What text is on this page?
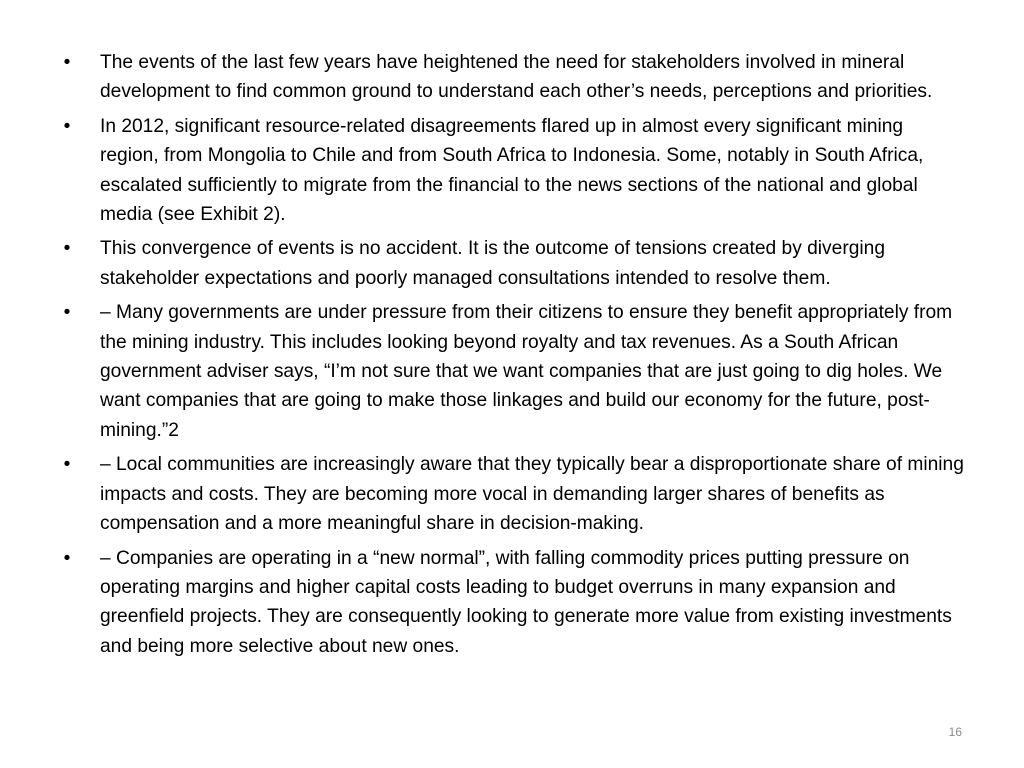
• The events of the last few years have heightened the need for stakeholders involved in mineral development to find common ground to understand each other’s needs, perceptions and priorities.
• In 2012, significant resource-related disagreements flared up in almost every significant mining region, from Mongolia to Chile and from South Africa to Indonesia. Some, notably in South Africa, escalated sufficiently to migrate from the financial to the news sections of the national and global media (see Exhibit 2).
• This convergence of events is no accident. It is the outcome of tensions created by diverging stakeholder expectations and poorly managed consultations intended to resolve them.
• – Many governments are under pressure from their citizens to ensure they benefit appropriately from the mining industry. This includes looking beyond royalty and tax revenues. As a South African government adviser says, “I’m not sure that we want companies that are just going to dig holes. We want companies that are going to make those linkages and build our economy for the future, post-mining.”2
• – Local communities are increasingly aware that they typically bear a disproportionate share of mining impacts and costs. They are becoming more vocal in demanding larger shares of benefits as compensation and a more meaningful share in decision-making.
• – Companies are operating in a “new normal”, with falling commodity prices putting pressure on operating margins and higher capital costs leading to budget overruns in many expansion and greenfield projects. They are consequently looking to generate more value from existing investments and being more selective about new ones.
16
